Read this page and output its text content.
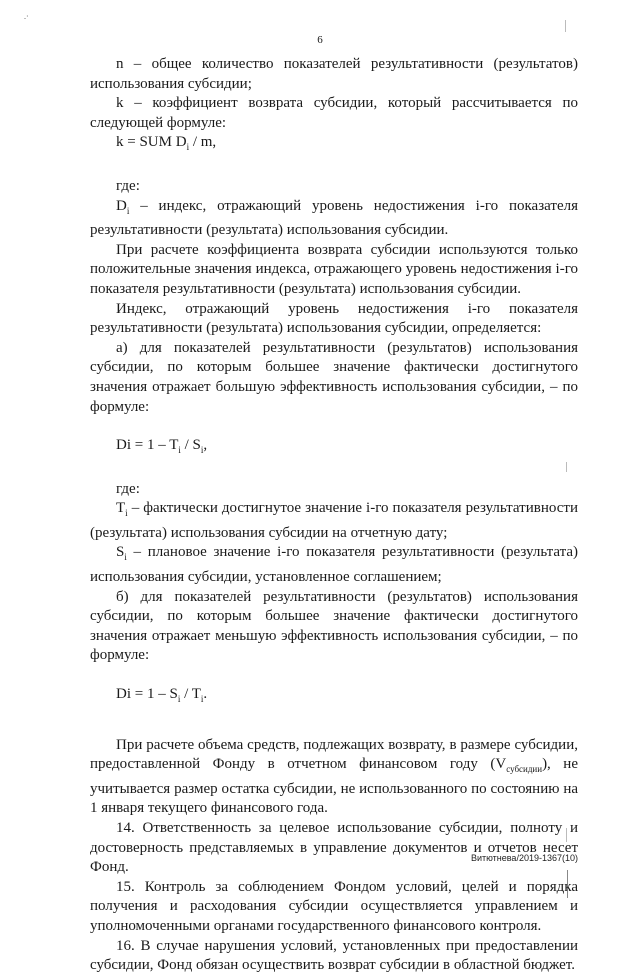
.·
6

n – общее количество показателей результативности (результатов) использования субсидии;

k – коэффициент возврата субсидии, который рассчитывается по следующей формуле:

k = SUM $D_i$ / m,

где:

$D_i$ – индекс, отражающий уровень недостижения i-го показателя результативности (результата) использования субсидии.

При расчете коэффициента возврата субсидии используются только положительные значения индекса, отражающего уровень недостижения i-го показателя результативности (результата) использования субсидии.

Индекс, отражающий уровень недостижения i-го показателя результативности (результата) использования субсидии, определяется:

а) для показателей результативности (результатов) использования субсидии, по которым большее значение фактически достигнутого значения отражает большую эффективность использования субсидии, – по формуле:

$Di = 1 - T_i / S_i$,

где:

$T_i$ – фактически достигнутое значение i-го показателя результативности (результата) использования субсидии на отчетную дату;

$S_i$ – плановое значение i-го показателя результативности (результата) использования субсидии, установленное соглашением;

б) для показателей результативности (результатов) использования субсидии, по которым большее значение фактически достигнутого значения отражает меньшую эффективность использования субсидии, – по формуле:

$Di = 1 - S_i / T_i$.

При расчете объема средств, подлежащих возврату, в размере субсидии, предоставленной Фонду в отчетном финансовом году $(V_{субсидии})$, не учитывается размер остатка субсидии, не использованного по состоянию на 1 января текущего финансового года.

14. Ответственность за целевое использование субсидии, полноту и достоверность представляемых в управление документов и отчетов несет Фонд.

15. Контроль за соблюдением Фондом условий, целей и порядка получения и расходования субсидии осуществляется управлением и уполномоченными органами государственного финансового контроля.

16. В случае нарушения условий, установленных при предоставлении субсидии, Фонд обязан осуществить возврат субсидии в областной бюджет.

Витютнева/2019-1367(10)
